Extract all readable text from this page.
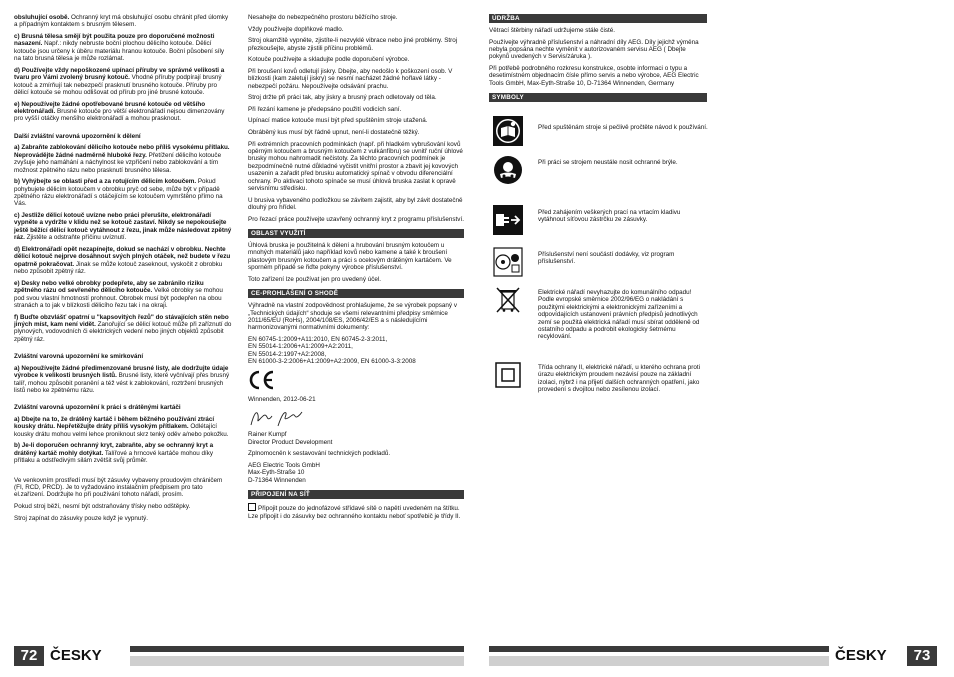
obsluhující osobě. Ochranný kryt má obsluhující osobu chránit před úlomky a případným kontaktem s brusným tělesem.

c) Brusná tělesa smějí být použita pouze pro doporučené možnosti nasazení. Např.: nikdy nebruste boční plochou dělicího kotouče. Dělicí kotouče jsou určeny k úběru materiálu hranou kotouče. Boční působení síly na tato brusná tělesa je může rozlámat.

d) Používejte vždy nepoškozené upínací příruby ve správné velikosti a tvaru pro Vámi zvolený brusný kotouč. Vhodné příruby podpírají brusný kotouč a zmírňují tak nebezpečí prasknutí brusného kotouče. Příruby pro dělicí kotouče se mohou odlišovat od přírub pro jiné brusné kotouče.

e) Nepoužívejte žádné opotřebované brusné kotouče od většího elektronářadí. Brusné kotouče pro větší elektronářadí nejsou dimenzovány pro vyšší otáčky menšího elektronářadí a mohou prasknout.

Další zvláštní varovná upozornění k dělení

a) Zabraňte zablokování dělicího kotouče nebo příliš vysokému přítlaku. Neprovádějte žádné nadměrně hluboké řezy. Přetížení dělicího kotouče zvyšuje jeho namáhání a náchylnost ke vzpříčení nebo zablokování a tím možnost zpětného rázu nebo prasknutí brusného tělesa.

b) Vyhýbejte se oblasti před a za rotujícím dělicím kotoučem. Pokud pohybujete dělicím kotoučem v obrobku pryč od sebe, může být v případě zpětného rázu elektronářadí s otáčejícím se kotoučem vymrštěno přímo na Vás.

c) Jestliže dělicí kotouč uvízne nebo práci přerušíte, elektronářadí vypněte a vydržte v klidu než se kotouč zastaví. Nikdy se nepokoušejte ještě běžící dělicí kotouč vytáhnout z řezu, jinak může následovat zpětný ráz. Zjistěte a odstraňte příčinu uvíznutí.

d) Elektronářadí opět nezapínejte, dokud se nachází v obrobku. Nechte dělicí kotouč nejprve dosáhnout svých plných otáček, než budete v řezu opatrně pokračovat. Jinak se může kotouč zaseknout, vyskočit z obrobku nebo způsobit zpětný ráz.

e) Desky nebo velké obrobky podepřete, aby se zabránilo riziku zpětného rázu od sevřeného dělicího kotouče. Velké obrobky se mohou pod svou vlastní hmotností prohnout. Obrobek musí být podepřen na obou stranách a to jak v blízkosti dělicího řezu tak i na okraji.

f) Buďte obzvlášť opatrní u "kapsovitých řezů" do stávajících stěn nebo jiných míst, kam není vidět. Zanořující se dělicí kotouč může při zaříznutí do plynových, vodovodních či elektrických vedení nebo jiných objektů způsobit zpětný ráz.

Zvláštní varovná upozornění ke smirkování

a) Nepoužívejte žádné předimenzované brusné listy, ale dodržujte údaje výrobce k velikosti brusných listů. Brusné listy, které vyčnívají přes brusný talíř, mohou způsobit poranění a též vést k zablokování, roztržení brusných listů nebo ke zpětnému rázu.

Zvláštní varovná upozornění k práci s drátěnými kartáči

a) Dbejte na to, že drátěný kartáč i během běžného používání ztrácí kousky drátu. Nepřetěžujte dráty příliš vysokým přítlakem. Odlétající kousky drátu mohou velmi lehce proniknout skrz tenký oděv a/nebo pokožku.

b) Je-li doporučen ochranný kryt, zabraňte, aby se ochranný kryt a drátěný kartáč mohly dotýkat. Talířové a hrncové kartáče mohou díky přítlaku a odstředivým silám zvětšit svůj průměr.

Ve venkovním prostředí musí být zásuvky vybaveny proudovým chráničem (FI, RCD, PRCD). Je to vyžadováno instalačním předpisem pro tato el.zařízení. Dodržujte ho při používání tohoto nářadí, prosím.

Pokud stroj běží, nesmí být odstraňovány třísky nebo odštěpky.

Stroj zapínat do zásuvky pouze když je vypnutý.

Nesahejte do nebezpečného prostoru běžícího stroje.

Vždy používejte doplňkové madlo.

Stroj okamžitě vypněte, zjistíte-li nezvyklé vibrace nebo jiné problémy. Stroj přezkoušejte, abyste zjistili příčinu problémů.

Kotouče používejte a skladujte podle doporučení výrobce.

Při broušení kovů odletují jiskry. Dbejte, aby nedošlo k poškození osob. V blízkosti (kam zaletují jiskry) se nesmí nacházet žádné hořlavé látky - nebezpečí požáru. Nepoužívejte odsávání prachu.

Stroj držte při práci tak, aby jiskry a brusný prach odletovaly od těla.

Při řezání kamene je předepsáno použití vodicích saní.

Upínací matice kotouče musí být před spuštěním stroje utažená.

Obráběný kus musí být řádně upnut, není-li dostatečně těžký.

Při extrémních pracovních podmínkách (např. při hladkém vybrušování kovů opěrným kotoučem a brusným kotoučem z vulkánfíbru) se uvnitř ruční úhlové brusky mohou nahromadit nečistoty. Za těchto pracovních podmínek je bezpodmínečně nutné důkladné vyčistit vnitřní prostor a zbavit jej kovových usazenin a zařadit před brusku automatický spínač v obvodu diferenciální ochrany. Po aktivaci tohoto spínače se musí úhlová bruska zaslat k opravě servisnímu středisku.

U brusiva vybaveného podložkou se závitem zajistit, aby byl závit dostatečně dlouhý pro hřídel.

Pro řezací práce používejte uzavřený ochranný kryt z programu příslušenství.

OBLAST VYUŽITÍ

Úhlová bruska je použitelná k dělení a hrubování brusným kotoučem u mnohých materiálů jako například kovů nebo kamene a také k broušení plastovým brusným kotoučem a práci s ocelovým drátěným kartáčem. Ve sporném případě se řiďte pokyny výrobce příslušenství.

Toto zařízení lze používat jen pro uvedený účel.

CE-PROHLÁŠENÍ O SHODĚ

Výhradně na vlastní zodpovědnost prohlašujeme, že se výrobek popsaný v „Technických údajích“ shoduje se všemi relevantními předpisy směrnice 2011/65/EU (RoHs), 2004/108/ES, 2006/42/ES a s následujícími harmonizovanými normativními dokumenty:

EN 60745-1:2009+A11:2010, EN 60745-2-3:2011,
EN 55014-1:2006+A1:2009+A2:2011,
EN 55014-2:1997+A2:2008,
EN 61000-3-2:2006+A1:2009+A2:2009, EN 61000-3-3:2008

Winnenden, 2012-06-21

Rainer Kumpf
Director Product Development

Zplnomocněn k sestavování technických podkladů.

AEG Electric Tools GmbH
Max-Eyth-Straße 10
D-71364 Winnenden

PŘIPOJENÍ NA SÍŤ

Připojit pouze do jednofázové střídavé sítě o napětí uvedeném na štítku. Lze připojit i do zásuvky bez ochranného kontaktu neboť spotřebič je třídy II.

72 ČESKY
ÚDRŽBA

Větrací štěrbiny nářadí udržujeme stále čisté.

Používejte výhradně příslušenství a náhradní díly AEG. Díly jejichž výměna nebyla popsána nechte vyměnit v autorizovaném servisu AEG ( Dbejte pokynů uvedených v Servis/záruka ).

Při potřebě podrobného rozkresu konstrukce, osobte informaci o typu a desetimístném objednacím čísle přímo servis a nebo výrobce, AEG Electric Tools GmbH, Max-Eyth-Straße 10, D-71364 Winnenden, Germany

SYMBOLY
Před spuštěnám stroje si pečlivě pročtěte návod k používání.
Při práci se strojem neustále nosit ochranné brýle.
Před zahájením veškerých prací na vrtacím kladivu vytáhnout síťovou zástrčku ze zásuvky.
Příslušenství není součástí dodávky, viz program příslušenství.
Elektrické nářadí nevyhazujte do komunálního odpadu! Podle evropské směrnice 2002/96/EG o nakládání s použitými elektrickými a elektronickými zařízeními a odpovídajících ustanovení právních předpisů jednotlivých zemí se použitá elektrická nářadí musí sbírat odděleně od ostatního odpadu a podrobit ekologicky šetrnému recyklování.
Třída ochrany II, elektrické nářadí, u kterého ochrana proti úrazu elektrickým proudem nezávisí pouze na základní izolaci, nýbrž i na přijetí dalších ochranných opatření, jako provedení s dvojitou nebo zesílenou izolací.
ČESKY	73
